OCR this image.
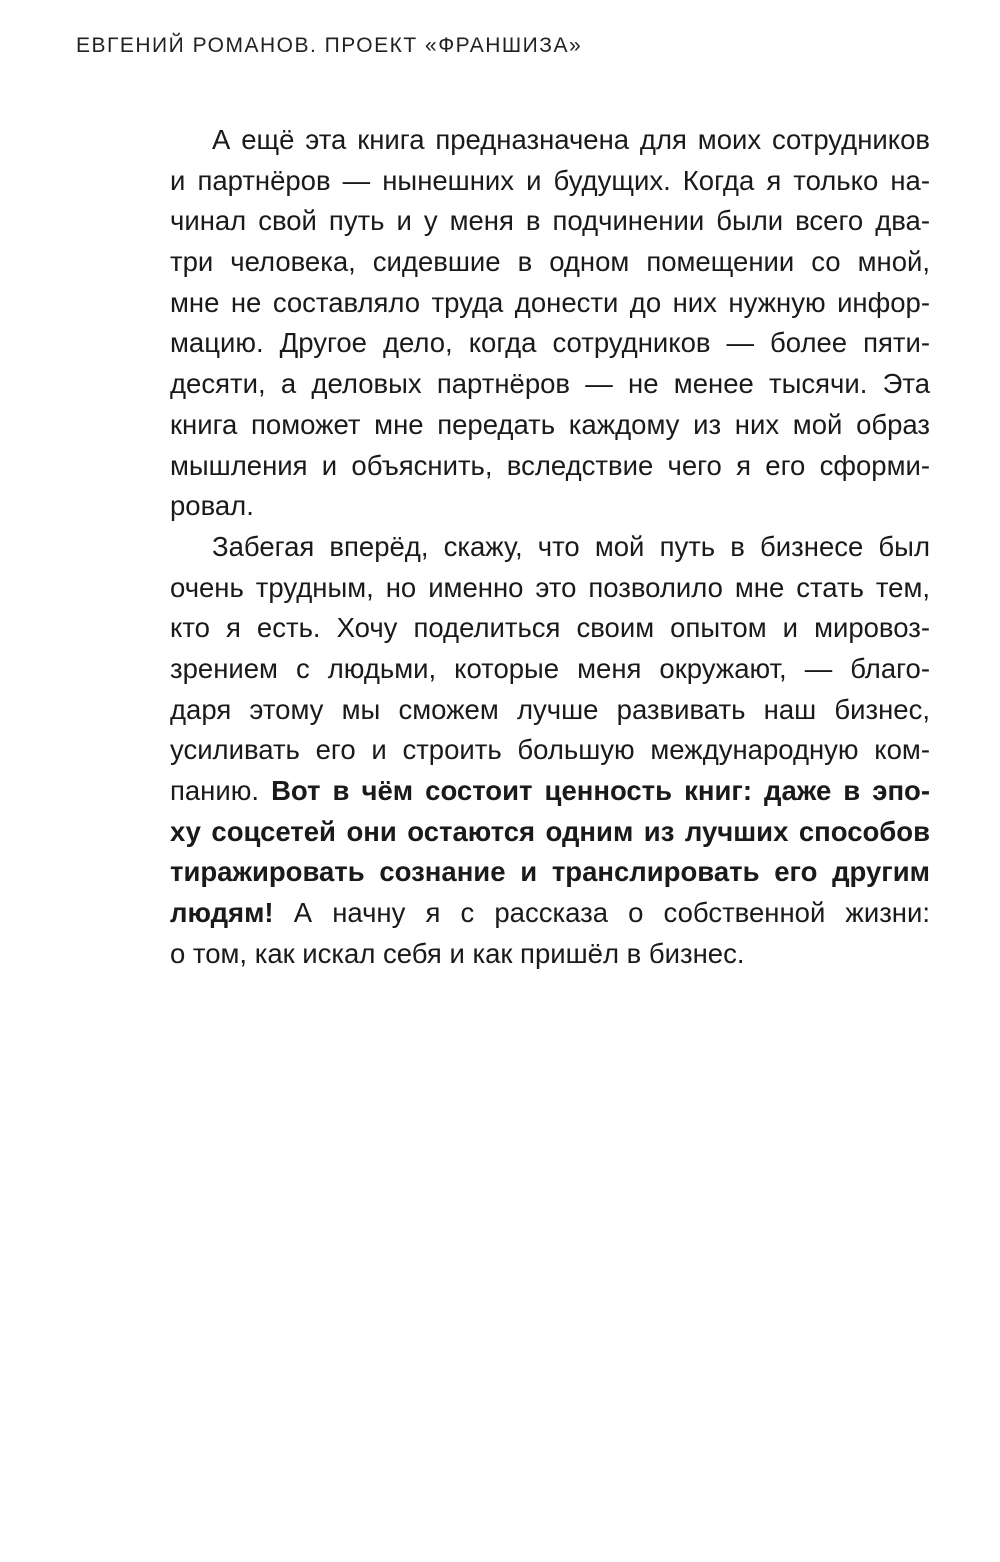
ЕВГЕНИЙ РОМАНОВ. ПРОЕКТ «ФРАНШИЗА»
А ещё эта книга предназначена для моих сотрудников
и партнёров — нынешних и будущих. Когда я только на-
чинал свой путь и у меня в подчинении были всего два-
три человека, сидевшие в одном помещении со мной,
мне не составляло труда донести до них нужную инфор-
мацию. Другое дело, когда сотрудников — более пяти-
десяти, а деловых партнёров — не менее тысячи. Эта
книга поможет мне передать каждому из них мой образ
мышления и объяснить, вследствие чего я его сформи-
ровал.
Забегая вперёд, скажу, что мой путь в бизнесе был
очень трудным, но именно это позволило мне стать тем,
кто я есть. Хочу поделиться своим опытом и мировоз-
зрением с людьми, которые меня окружают, — благо-
даря этому мы сможем лучше развивать наш бизнес,
усиливать его и строить большую международную ком-
панию. Вот в чём состоит ценность книг: даже в эпо-
ху соцсетей они остаются одним из лучших способов
тиражировать сознание и транслировать его другим
людям! А начну я с рассказа о собственной жизни:
о том, как искал себя и как пришёл в бизнес.
